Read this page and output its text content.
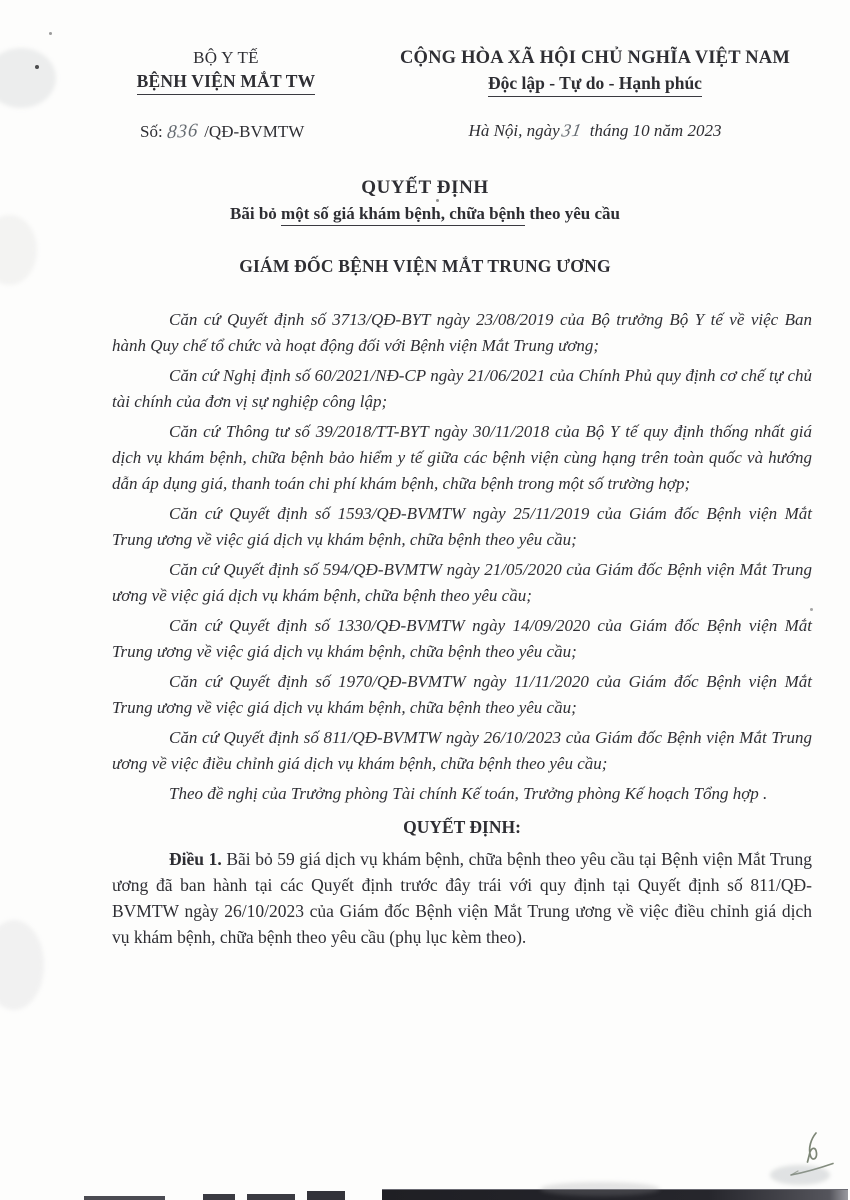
BỘ Y TẾ
BỆNH VIỆN MẮT TW
Số: 836 /QĐ-BVMTW
CỘNG HÒA XÃ HỘI CHỦ NGHĨA VIỆT NAM
Độc lập - Tự do - Hạnh phúc
Hà Nội, ngày31 tháng 10 năm 2023
QUYẾT ĐỊNH
Bãi bỏ một số giá khám bệnh, chữa bệnh theo yêu cầu
GIÁM ĐỐC BỆNH VIỆN MẮT TRUNG ƯƠNG

Căn cứ Quyết định số 3713/QĐ-BYT ngày 23/08/2019 của Bộ trưởng Bộ Y tế về việc Ban hành Quy chế tổ chức và hoạt động đối với Bệnh viện Mắt Trung ương;

Căn cứ Nghị định số 60/2021/NĐ-CP ngày 21/06/2021 của Chính Phủ quy định cơ chế tự chủ tài chính của đơn vị sự nghiệp công lập;

Căn cứ Thông tư số 39/2018/TT-BYT ngày 30/11/2018 của Bộ Y tế quy định thống nhất giá dịch vụ khám bệnh, chữa bệnh bảo hiểm y tế giữa các bệnh viện cùng hạng trên toàn quốc và hướng dẫn áp dụng giá, thanh toán chi phí khám bệnh, chữa bệnh trong một số trường hợp;

Căn cứ Quyết định số 1593/QĐ-BVMTW ngày 25/11/2019 của Giám đốc Bệnh viện Mắt Trung ương về việc giá dịch vụ khám bệnh, chữa bệnh theo yêu cầu;

Căn cứ Quyết định số 594/QĐ-BVMTW ngày 21/05/2020 của Giám đốc Bệnh viện Mắt Trung ương về việc giá dịch vụ khám bệnh, chữa bệnh theo yêu cầu;

Căn cứ Quyết định số 1330/QĐ-BVMTW ngày 14/09/2020 của Giám đốc Bệnh viện Mắt Trung ương về việc giá dịch vụ khám bệnh, chữa bệnh theo yêu cầu;

Căn cứ Quyết định số 1970/QĐ-BVMTW ngày 11/11/2020 của Giám đốc Bệnh viện Mắt Trung ương về việc giá dịch vụ khám bệnh, chữa bệnh theo yêu cầu;

Căn cứ Quyết định số 811/QĐ-BVMTW ngày 26/10/2023 của Giám đốc Bệnh viện Mắt Trung ương về việc điều chỉnh giá dịch vụ khám bệnh, chữa bệnh theo yêu cầu;

Theo đề nghị của Trưởng phòng Tài chính Kế toán, Trưởng phòng Kế hoạch Tổng hợp .

QUYẾT ĐỊNH:

Điều 1. Bãi bỏ 59 giá dịch vụ khám bệnh, chữa bệnh theo yêu cầu tại Bệnh viện Mắt Trung ương đã ban hành tại các Quyết định trước đây trái với quy định tại Quyết định số 811/QĐ-BVMTW ngày 26/10/2023 của Giám đốc Bệnh viện Mắt Trung ương về việc điều chỉnh giá dịch vụ khám bệnh, chữa bệnh theo yêu cầu (phụ lục kèm theo).
